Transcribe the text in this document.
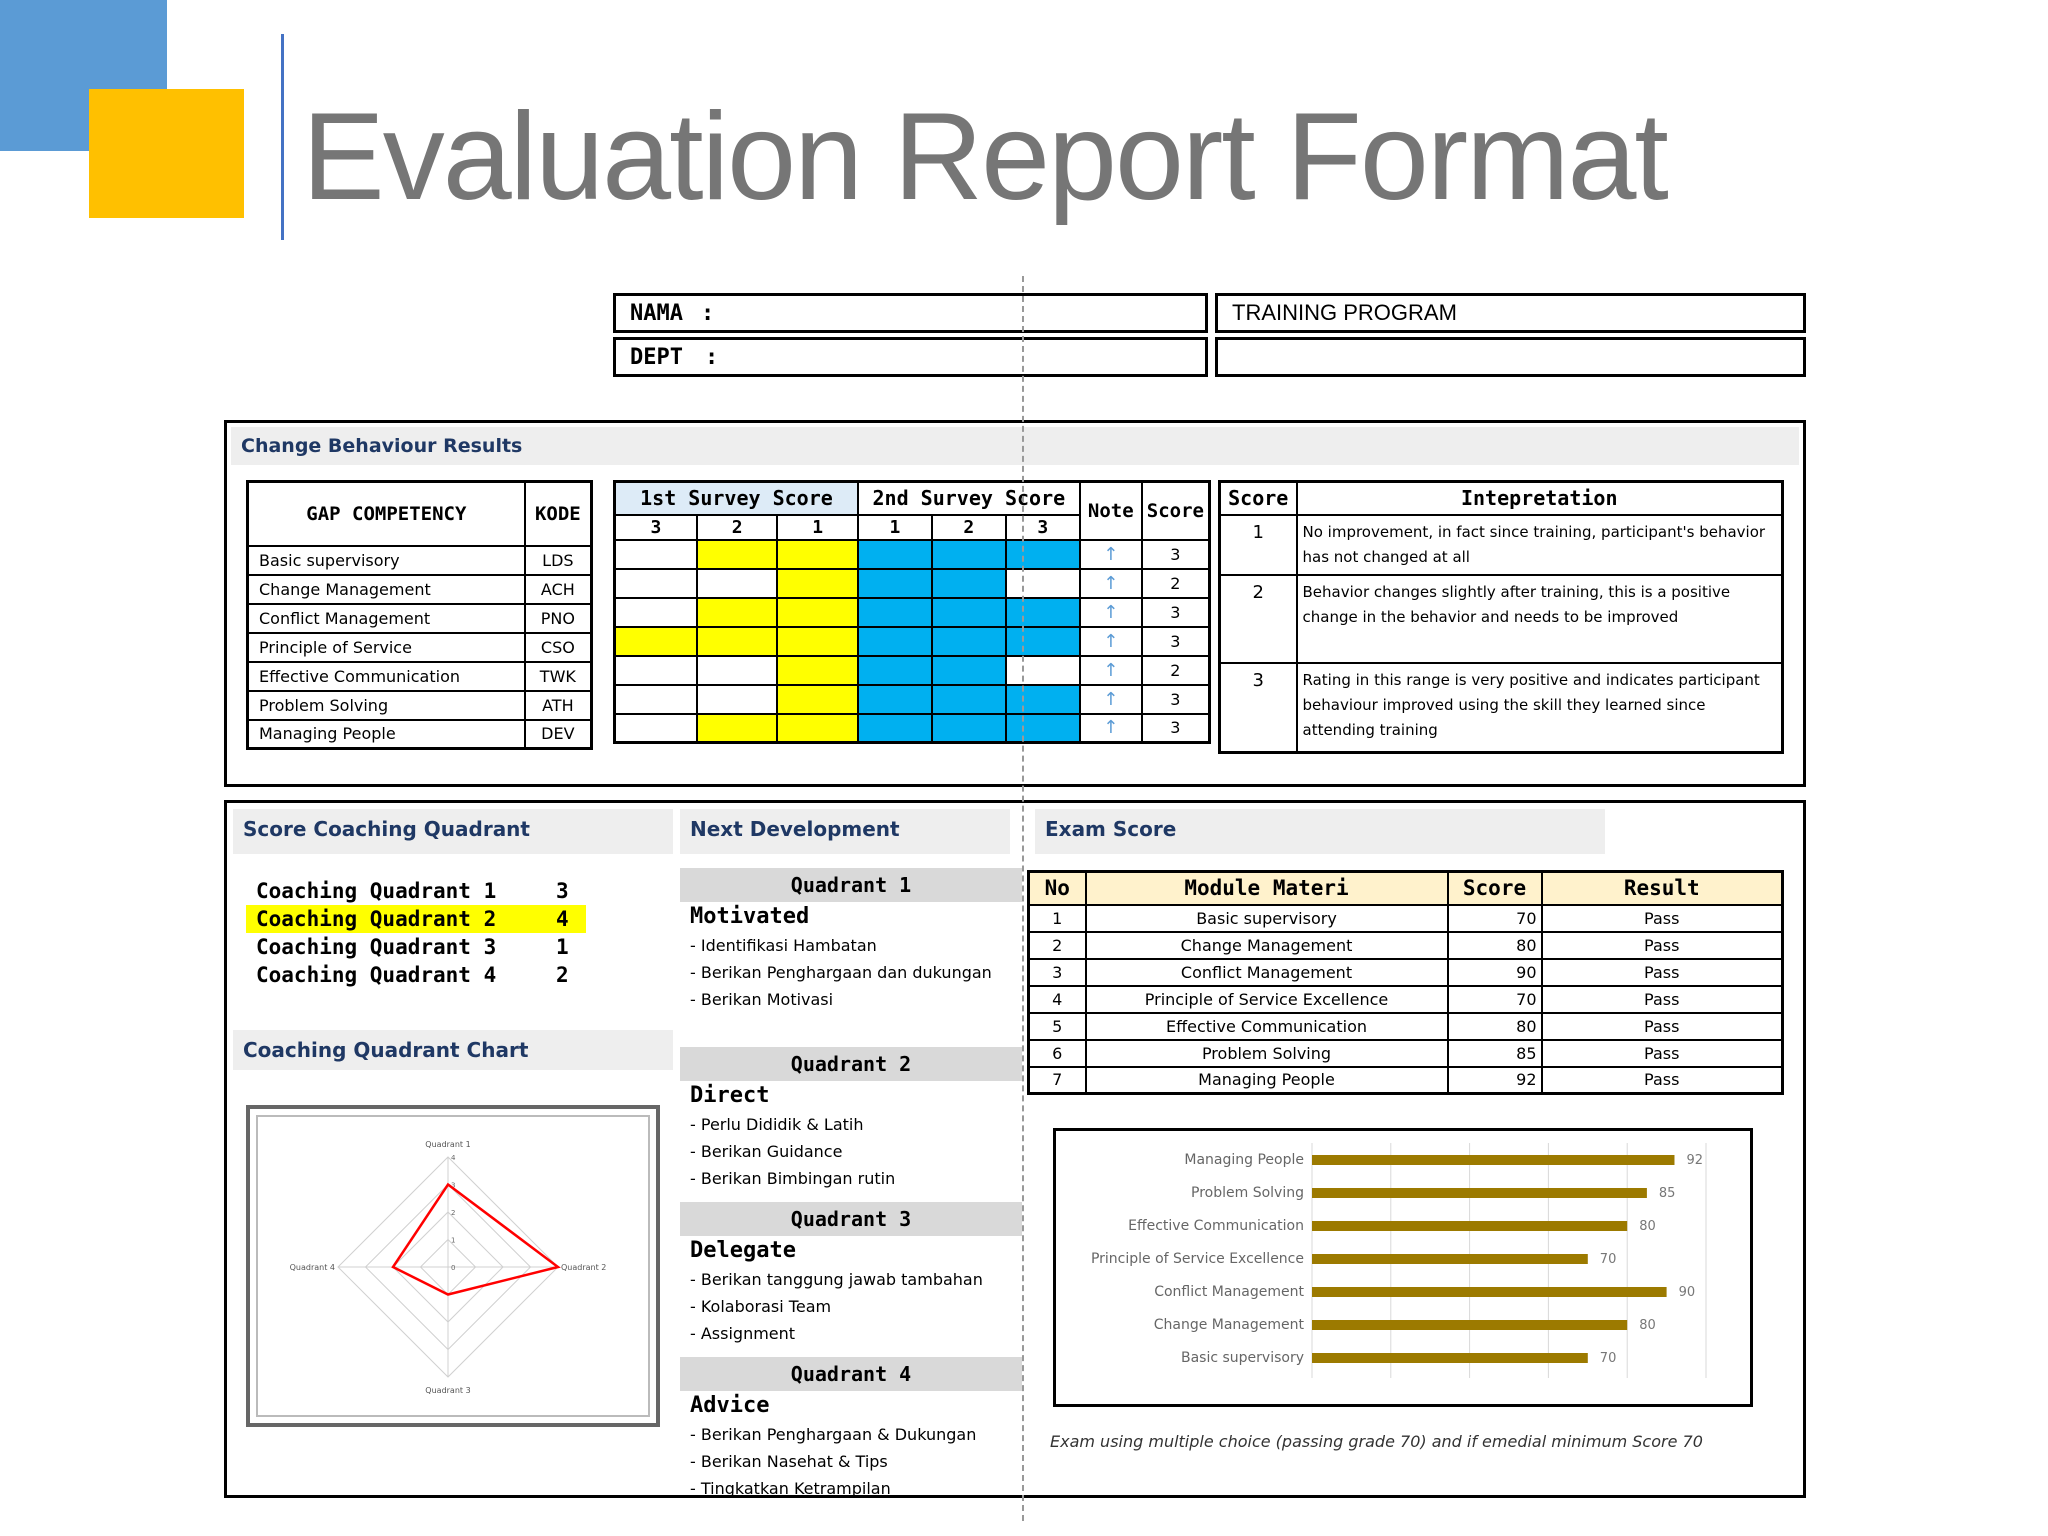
Evaluation Report Format
NAMA :
DEPT :
TRAINING PROGRAM
Change Behaviour Results
GAP COMPETENCY	KODE
Basic supervisory	LDS
Change Management	ACH
Conflict Management	PNO
Principle of Service	CSO
Effective Communication	TWK
Problem Solving	ATH
Managing People	DEV
1st Survey Score			2nd Survey Score			Note	Score
3	2	1	1	2	3		
						↑	3
						↑	2
						↑	3
						↑	3
						↑	2
						↑	3
						↑	3
Score	Intepretation
1	No improvement, in fact since training, participant's behavior has not changed at all
2	Behavior changes slightly after training, this is a positive change in the behavior and needs to be improved
3	Rating in this range is very positive and indicates participant behaviour improved using the skill they learned since attending training
Score Coaching Quadrant
Coaching Quadrant 1	3
Coaching Quadrant 2	4
Coaching Quadrant 3	1
Coaching Quadrant 4	2
Coaching Quadrant Chart
0
1
2
3
4
Quadrant 1
Quadrant 2
Quadrant 3
Quadrant 4
Next Development
Quadrant 1
Motivated
- Identifikasi Hambatan
- Berikan Penghargaan dan dukungan
- Berikan Motivasi
Quadrant 2
Direct
- Perlu Dididik & Latih
- Berikan Guidance
- Berikan Bimbingan rutin
Quadrant 3
Delegate
- Berikan tanggung jawab tambahan
- Kolaborasi Team
- Assignment
Quadrant 4
Advice
- Berikan Penghargaan & Dukungan
- Berikan Nasehat & Tips
- Tingkatkan Ketrampilan
Exam Score
No	Module Materi	Score	Result
1	Basic supervisory	70	Pass
2	Change Management	80	Pass
3	Conflict Management	90	Pass
4	Principle of Service Excellence	70	Pass
5	Effective Communication	80	Pass
6	Problem Solving	85	Pass
7	Managing People	92	Pass
Managing People	92
Problem Solving	85
Effective Communication	80
Principle of Service Excellence	70
Conflict Management	90
Change Management	80
Basic supervisory	70
Exam using multiple choice (passing grade 70) and if emedial minimum Score 70
